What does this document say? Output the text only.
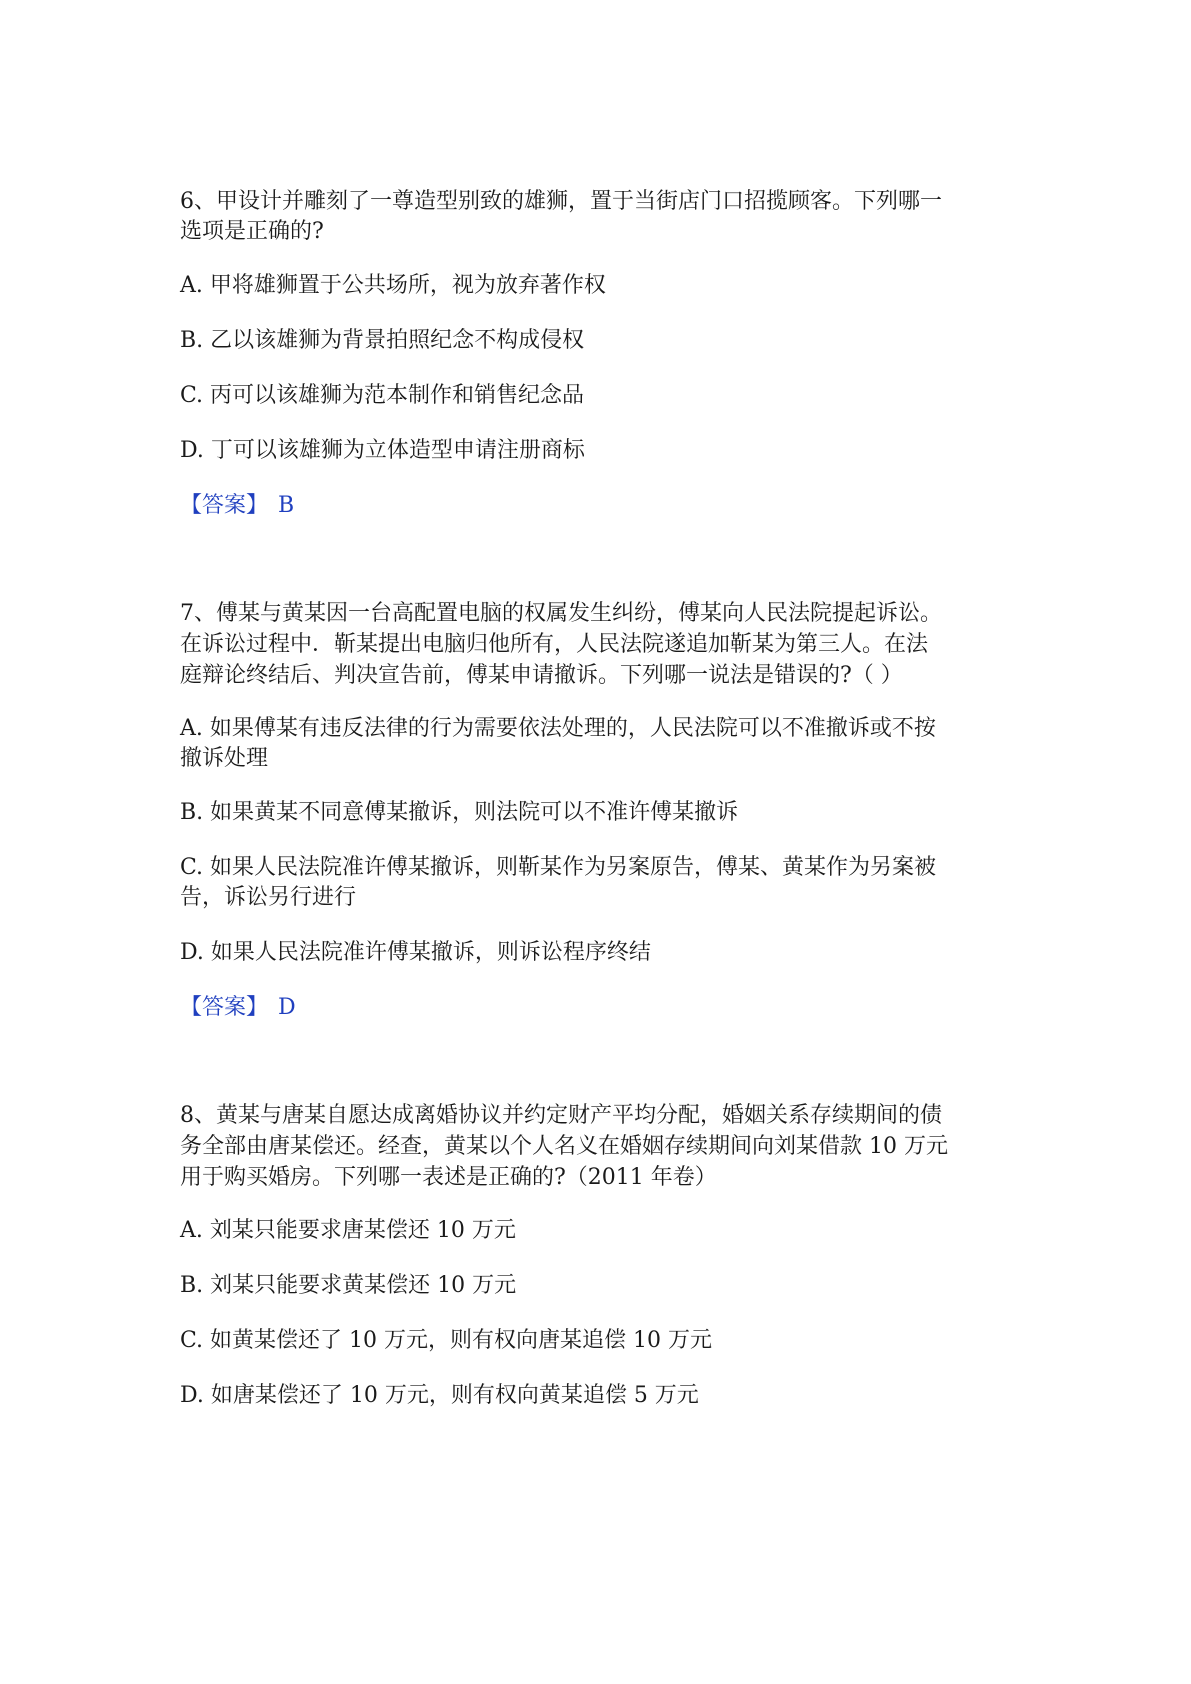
6、甲设计并雕刻了一尊造型别致的雄狮，置于当街店门口招揽顾客。下列哪一
选项是正确的?
A. 甲将雄狮置于公共场所，视为放弃著作权
B. 乙以该雄狮为背景拍照纪念不构成侵权
C. 丙可以该雄狮为范本制作和销售纪念品
D. 丁可以该雄狮为立体造型申请注册商标
【答案】 B
7、傅某与黄某因一台高配置电脑的权属发生纠纷，傅某向人民法院提起诉讼。
在诉讼过程中．靳某提出电脑归他所有，人民法院遂追加靳某为第三人。在法
庭辩论终结后、判决宣告前，傅某申请撤诉。下列哪一说法是错误的?（ ）
A. 如果傅某有违反法律的行为需要依法处理的，人民法院可以不准撤诉或不按
撤诉处理
B. 如果黄某不同意傅某撤诉，则法院可以不准许傅某撤诉
C. 如果人民法院准许傅某撤诉，则靳某作为另案原告，傅某、黄某作为另案被
告，诉讼另行进行
D. 如果人民法院准许傅某撤诉，则诉讼程序终结
【答案】 D
8、黄某与唐某自愿达成离婚协议并约定财产平均分配，婚姻关系存续期间的债
务全部由唐某偿还。经查，黄某以个人名义在婚姻存续期间向刘某借款 10 万元
用于购买婚房。下列哪一表述是正确的?（2011 年卷）
A. 刘某只能要求唐某偿还 10 万元
B. 刘某只能要求黄某偿还 10 万元
C. 如黄某偿还了 10 万元，则有权向唐某追偿 10 万元
D. 如唐某偿还了 10 万元，则有权向黄某追偿 5 万元
